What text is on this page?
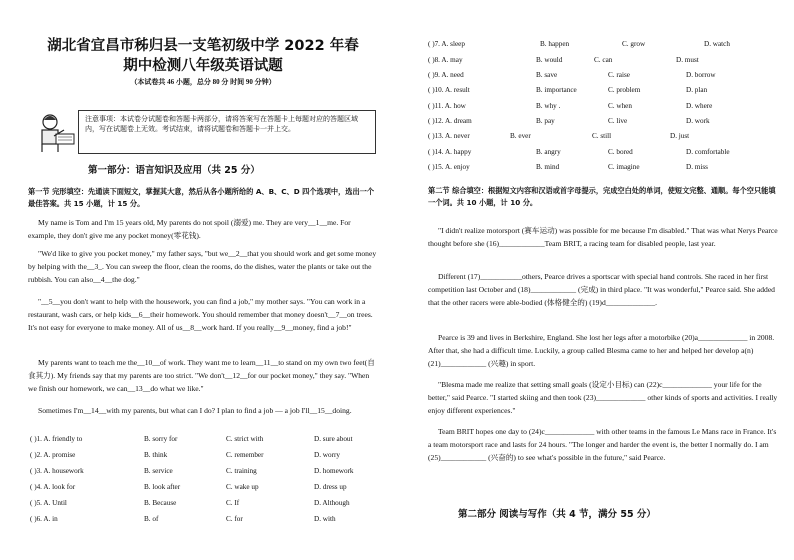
湖北省宜昌市秭归县一支笔初级中学 2022 年春
期中检测八年级英语试题
（本试卷共 46 小题，总分 80 分 时间 90 分钟）
注意事项：本试卷分试题卷和答题卡两部分，请将答案写在答题卡上每题对应的答题区域内，写在试题卷上无效。考试结束，请将试题卷和答题卡一并上交。
第一部分：语言知识及应用（共 25 分）
第一节 完形填空：先通读下面短文，掌握其大意，然后从各小题所给的 A、B、C、D 四个选项中，选出一个最佳答案。共 15 小题，计 15 分。
My name is Tom and I'm 15 years old, My parents do not spoil (溺爱) me. They are very__1__me. For example, they don't give me any pocket money(零花钱).
"We'd like to give you pocket money," my father says, "but we__2__that you should work and get some money by helping with the__3_. You can sweep the floor, clean the rooms, do the dishes, water the plants or take out the rubbish. You can also__4__the dog."
"__5__you don't want to help with the housework, you can find a job," my mother says. "You can work in a restaurant, wash cars, or help kids__6__their homework. You should remember that money doesn't__7__on trees. It's not easy for everyone to make money. All of us__8__work hard. If you really__9__money, find a job!"
My parents want to teach me the__10__of work. They want me to learn__11__to stand on my own two feet(自食其力). My friends say that my parents are too strict. "We don't__12__for our pocket money," they say. "When we finish our homework, we can__13__do what we like."
Sometimes I'm__14__with my parents, but what can I do? I plan to find a job — a job I'll__15__doing.
( )1. A. friendly to	B. sorry for	C. strict with	D. sure about
( )2. A. promise	B. think	C. remember	D. worry
( )3. A. housework	B. service	C. training	D. homework
( )4. A. look for	B. look after	C. wake up	D. dress up
( )5. A. Until	B. Because	C. If	D. Although
( )6. A. in	B. of	C. for	D. with
( )7. A. sleep	B. happen	C. grow	D. watch
( )8. A. may	B. would	C. can	D. must
( )9. A. need	B. save	C. raise	D. borrow
( )10. A. result	B. importance	C. problem	D. plan
( )11. A. how	B. why .	C. when	D. where
( )12. A. dream	B. pay	C. live	D. work
( )13. A. never	B. ever	C. still	D. just
( )14. A. happy	B. angry	C. bored	D. comfortable
( )15. A. enjoy	B. mind	C. imagine	D. miss
第二节 综合填空：根据短文内容和汉语或首字母提示，完成空白处的单词，使短文完整、通顺。每个空只能填一个词。共 10 小题，计 10 分。
"I didn't realize motorsport (赛车运动) was possible for me because I'm disabled." That was what Nerys Pearce thought before she (16)____________Team BRIT, a racing team for disabled people, last year.
Different (17)___________others, Pearce drives a sportscar with special hand controls. She raced in her first competition last October and (18)____________ (完成) in third place. "It was wonderful," Pearce said. She added that the other racers were able-bodied (体格健全的) (19)d_____________.
Pearce is 39 and lives in Berkshire, England. She lost her legs after a motorbike (20)a_____________ in 2008. After that, she had a difficult time. Luckily, a group called Blesma came to her and helped her develop a(n) (21)____________ (兴趣) in sport.
"Blesma made me realize that setting small goals (设定小目标) can (22)c_____________ your life for the better," said Pearce. "I started skiing and then took (23)_____________ other kinds of sports and activities. I really enjoy different experiences."
Team BRIT hopes one day to (24)c_____________ with other teams in the famous Le Mans race in France. It's a team motorsport race and lasts for 24 hours. "The longer and harder the event is, the better I normally do. I am (25)____________ (兴奋的) to see what's possible in the future," said Pearce.
第二部分 阅读与写作（共 4 节，满分 55 分）
